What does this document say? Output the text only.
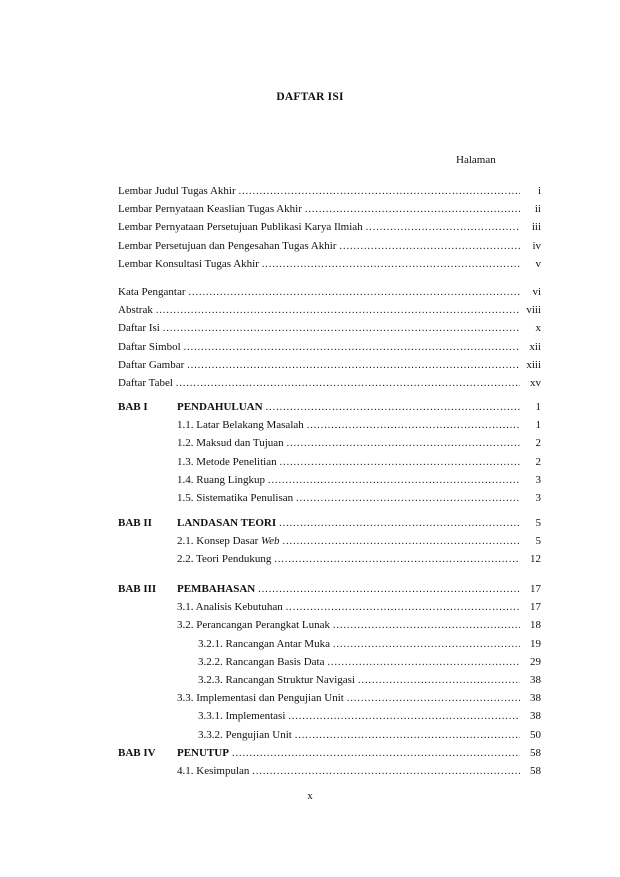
DAFTAR ISI
Halaman
Lembar Judul Tugas Akhir .....	i
Lembar Pernyataan Keaslian Tugas Akhir .....	ii
Lembar Pernyataan Persetujuan Publikasi Karya Ilmiah .....	iii
Lembar Persetujuan dan Pengesahan Tugas Akhir .....	iv
Lembar Konsultasi Tugas Akhir .....	v
Kata Pengantar .....	vi
Abstrak .....	viii
Daftar Isi .....	x
Daftar Simbol .....	xii
Daftar Gambar .....	xiii
Daftar Tabel .....	xv
BAB I	PENDAHULUAN .....	1
1.1. Latar Belakang Masalah .....	1
1.2. Maksud dan Tujuan .....	2
1.3. Metode Penelitian .....	2
1.4. Ruang Lingkup .....	3
1.5. Sistematika Penulisan .....	3
BAB II LANDASAN TEORI .....	5
2.1. Konsep Dasar Web .....	5
2.2. Teori Pendukung .....	12
BAB III PEMBAHASAN .....	17
3.1. Analisis Kebutuhan .....	17
3.2. Perancangan Perangkat Lunak .....	18
3.2.1. Rancangan Antar Muka .....	19
3.2.2. Rancangan Basis Data .....	29
3.2.3. Rancangan Struktur Navigasi .....	38
3.3. Implementasi dan Pengujian Unit .....	38
3.3.1. Implementasi .....	38
3.3.2. Pengujian Unit .....	50
BAB IV PENUTUP .....	58
4.1. Kesimpulan .....	58
x
